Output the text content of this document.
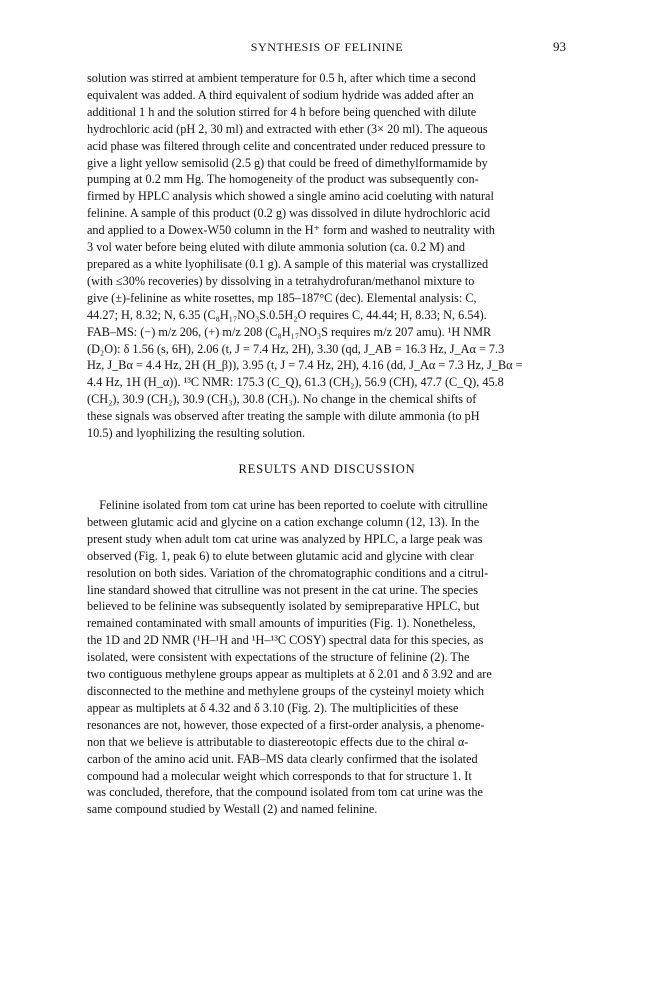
SYNTHESIS OF FELININE	93

solution was stirred at ambient temperature for 0.5 h, after which time a second
equivalent was added. A third equivalent of sodium hydride was added after an
additional 1 h and the solution stirred for 4 h before being quenched with dilute
hydrochloric acid (pH 2, 30 ml) and extracted with ether (3× 20 ml). The aqueous
acid phase was filtered through celite and concentrated under reduced pressure to
give a light yellow semisolid (2.5 g) that could be freed of dimethylformamide by
pumping at 0.2 mm Hg. The homogeneity of the product was subsequently con-
firmed by HPLC analysis which showed a single amino acid coeluting with natural
felinine. A sample of this product (0.2 g) was dissolved in dilute hydrochloric acid
and applied to a Dowex-W50 column in the H⁺ form and washed to neutrality with
3 vol water before being eluted with dilute ammonia solution (ca. 0.2 M) and
prepared as a white lyophilisate (0.1 g). A sample of this material was crystallized
(with ≤30% recoveries) by dissolving in a tetrahydrofuran/methanol mixture to
give (±)-felinine as white rosettes, mp 185–187°C (dec). Elemental analysis: C,
44.27; H, 8.32; N, 6.35 (C₈H₁₇NO₃S.0.5H₂O requires C, 44.44; H, 8.33; N, 6.54).
FAB–MS: (−) m/z 206, (+) m/z 208 (C₈H₁₇NO₃S requires m/z 207 amu). ¹H NMR
(D₂O): δ 1.56 (s, 6H), 2.06 (t, J = 7.4 Hz, 2H), 3.30 (qd, J_AB = 16.3 Hz, J_Aα = 7.3
Hz, J_Bα = 4.4 Hz, 2H (H_β)), 3.95 (t, J = 7.4 Hz, 2H), 4.16 (dd, J_Aα = 7.3 Hz, J_Bα =
4.4 Hz, 1H (H_α)). ¹³C NMR: 175.3 (C_Q), 61.3 (CH₂), 56.9 (CH), 47.7 (C_Q), 45.8
(CH₂), 30.9 (CH₂), 30.9 (CH₃), 30.8 (CH₃). No change in the chemical shifts of
these signals was observed after treating the sample with dilute ammonia (to pH
10.5) and lyophilizing the resulting solution.

RESULTS AND DISCUSSION

Felinine isolated from tom cat urine has been reported to coelute with citrulline
between glutamic acid and glycine on a cation exchange column (12, 13). In the
present study when adult tom cat urine was analyzed by HPLC, a large peak was
observed (Fig. 1, peak 6) to elute between glutamic acid and glycine with clear
resolution on both sides. Variation of the chromatographic conditions and a citrul-
line standard showed that citrulline was not present in the cat urine. The species
believed to be felinine was subsequently isolated by semipreparative HPLC, but
remained contaminated with small amounts of impurities (Fig. 1). Nonetheless,
the 1D and 2D NMR (¹H–¹H and ¹H–¹³C COSY) spectral data for this species, as
isolated, were consistent with expectations of the structure of felinine (2). The
two contiguous methylene groups appear as multiplets at δ 2.01 and δ 3.92 and are
disconnected to the methine and methylene groups of the cysteinyl moiety which
appear as multiplets at δ 4.32 and δ 3.10 (Fig. 2). The multiplicities of these
resonances are not, however, those expected of a first-order analysis, a phenome-
non that we believe is attributable to diastereotopic effects due to the chiral α-
carbon of the amino acid unit. FAB–MS data clearly confirmed that the isolated
compound had a molecular weight which corresponds to that for structure 1. It
was concluded, therefore, that the compound isolated from tom cat urine was the
same compound studied by Westall (2) and named felinine.
